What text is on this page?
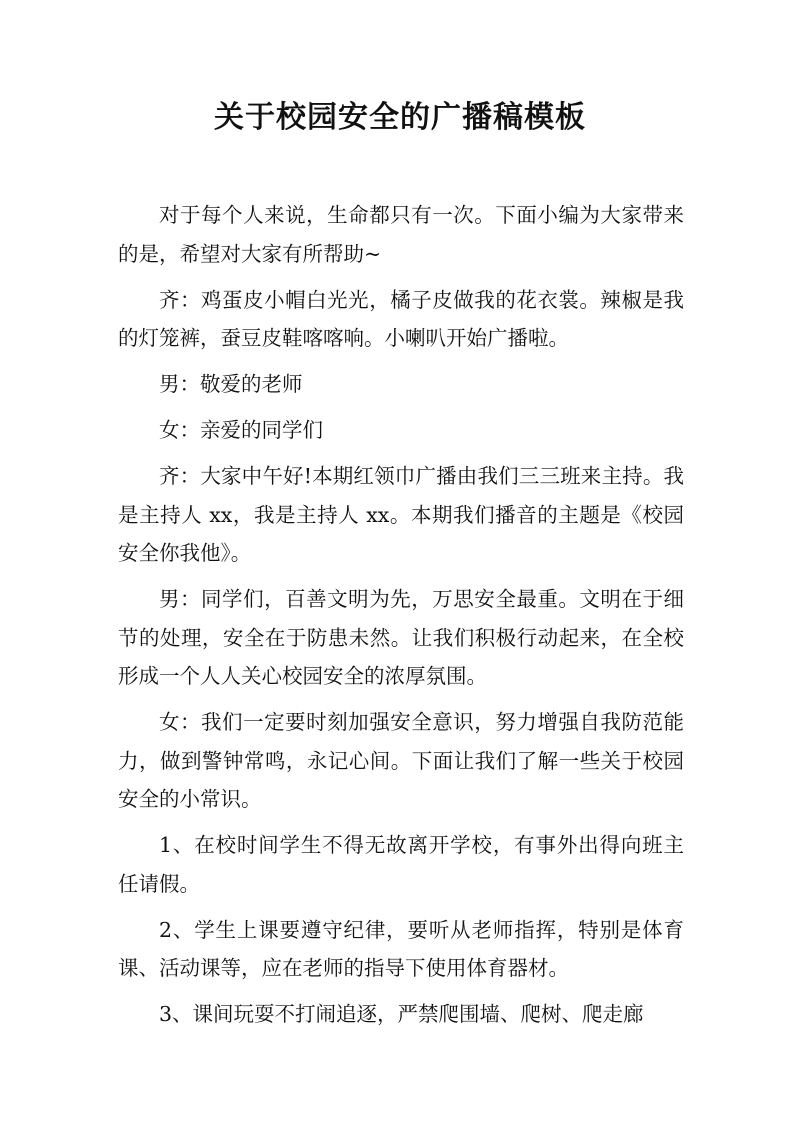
关于校园安全的广播稿模板

对于每个人来说，生命都只有一次。下面小编为大家带来的是，希望对大家有所帮助~

齐：鸡蛋皮小帽白光光，橘子皮做我的花衣裳。辣椒是我的灯笼裤，蚕豆皮鞋喀喀响。小喇叭开始广播啦。

男：敬爱的老师

女：亲爱的同学们

齐：大家中午好!本期红领巾广播由我们三三班来主持。我是主持人 xx，我是主持人 xx。本期我们播音的主题是《校园安全你我他》。

男：同学们，百善文明为先，万思安全最重。文明在于细节的处理，安全在于防患未然。让我们积极行动起来，在全校形成一个人人关心校园安全的浓厚氛围。

女：我们一定要时刻加强安全意识，努力增强自我防范能力，做到警钟常鸣，永记心间。下面让我们了解一些关于校园安全的小常识。

1、在校时间学生不得无故离开学校，有事外出得向班主任请假。

2、学生上课要遵守纪律，要听从老师指挥，特别是体育课、活动课等，应在老师的指导下使用体育器材。

3、课间玩耍不打闹追逐，严禁爬围墙、爬树、爬走廊
